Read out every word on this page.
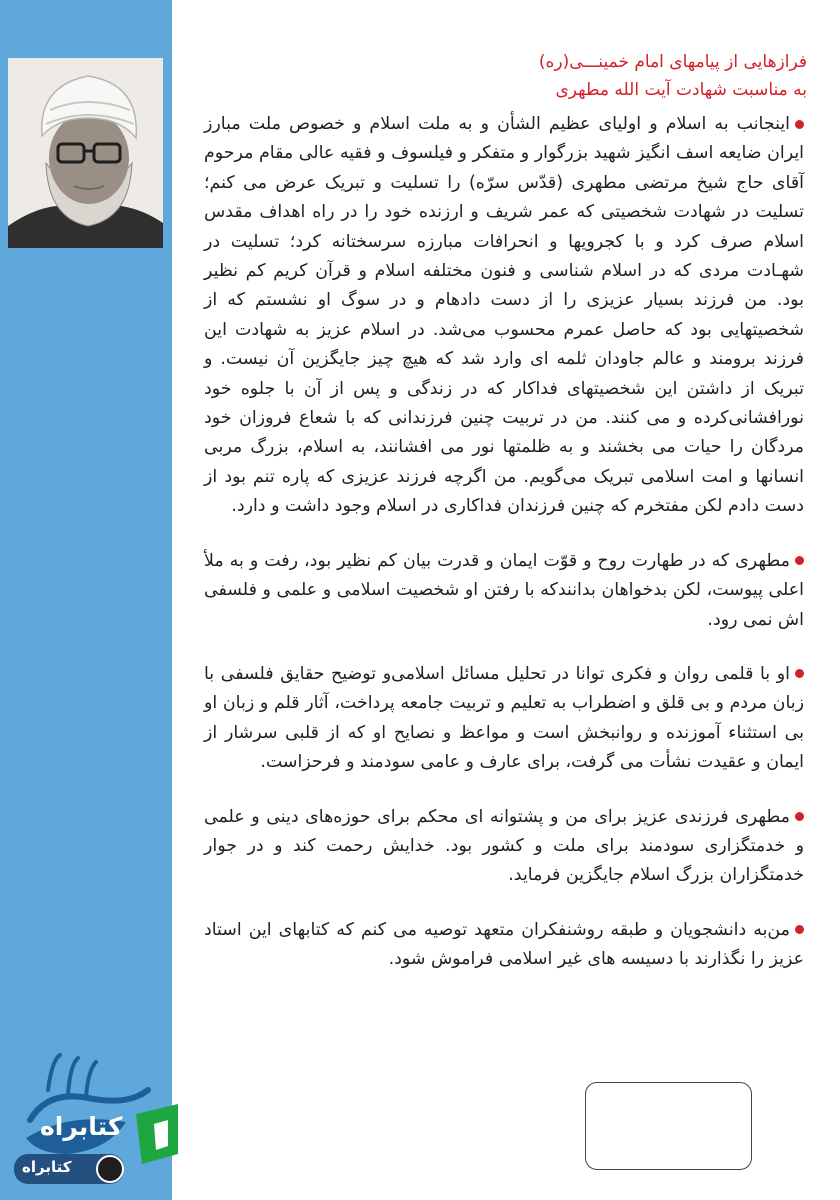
فرازهایی از پیامهای امام خمینـــی(ره)
به مناسبت شهادت آیت الله مطهری

اینجانب به اسلام و اولیای عظیم الشأن و به ملت اسلام و خصوص ملت مبارز ایران ضایعه اسف انگیز شهید بزرگوار و متفکر و فیلسوف و فقیه عالی مقام مرحوم آقای حاج شیخ مرتضی مطهری (قدّس سرّه) را تسلیت و تبریک عرض می کنم؛ تسلیت در شهادت شخصیتی که عمر شریف و ارزنده خود را در راه اهداف مقدس اسلام صرف کرد و با کجرویها و انحرافات مبارزه سرسختانه کرد؛ تسلیت در شهـادت مردی که در اسلام شناسی و فنون مختلفه اسلام و قرآن کریم کم نظیر بود. من فرزند بسیار عزیزی را از دست دادهام و در سوگ او نشستم که از شخصیتهایی بود که حاصل عمرم محسوب می‌شد. در اسلام عزیز به شهادت این فرزند برومند و عالم جاودان ثلمه ای وارد شد که هیچ چیز جایگزین آن نیست. و تبریک از داشتن این شخصیتهای فداکار که در زندگی و پس از آن با جلوه خود نورافشانی‌کرده و می کنند. من در تربیت چنین فرزندانی که با شعاع فروزان خود مردگان را حیات می بخشند و به ظلمتها نور می افشانند، به اسلام، بزرگ مربی انسانها و امت اسلامی تبریک می‌گویم. من اگرچه فرزند عزیزی که پاره تنم بود از دست دادم لکن مفتخرم که چنین فرزندان فداکاری در اسلام وجود داشت و دارد.

مطهری که در طهارت روح و قوّت ایمان و قدرت بیان کم نظیر بود، رفت و به ملأ اعلی پیوست، لکن بدخواهان بدانندکه با رفتن او شخصیت اسلامی و علمی و فلسفی اش نمی رود.

او با قلمی روان و فکری توانا در تحلیل مسائل اسلامی‌و توضیح حقایق فلسفی با زبان مردم و بی قلق و اضطراب به تعلیم و تربیت جامعه پرداخت، آثار قلم و زبان او بی استثناء آموزنده و روانبخش است و مواعظ و نصایح او که از قلبی سرشار از ایمان و عقیدت نشأت می گرفت، برای عارف و عامی سودمند و فرحزاست.

مطهری فرزندی عزیز برای من و پشتوانه ای محکم برای حوزه‌های دینی و علمی و خدمتگزاری سودمند برای ملت و کشور بود. خدایش رحمت کند و در جوار خدمتگزاران بزرگ اسلام جایگزین فرماید.

من‌به دانشجویان و طبقه روشنفکران متعهد توصیه می کنم که کتابهای این استاد عزیز را نگذارند با دسیسه های غیر اسلامی فراموش شود.

کتابراه
کتابراه
